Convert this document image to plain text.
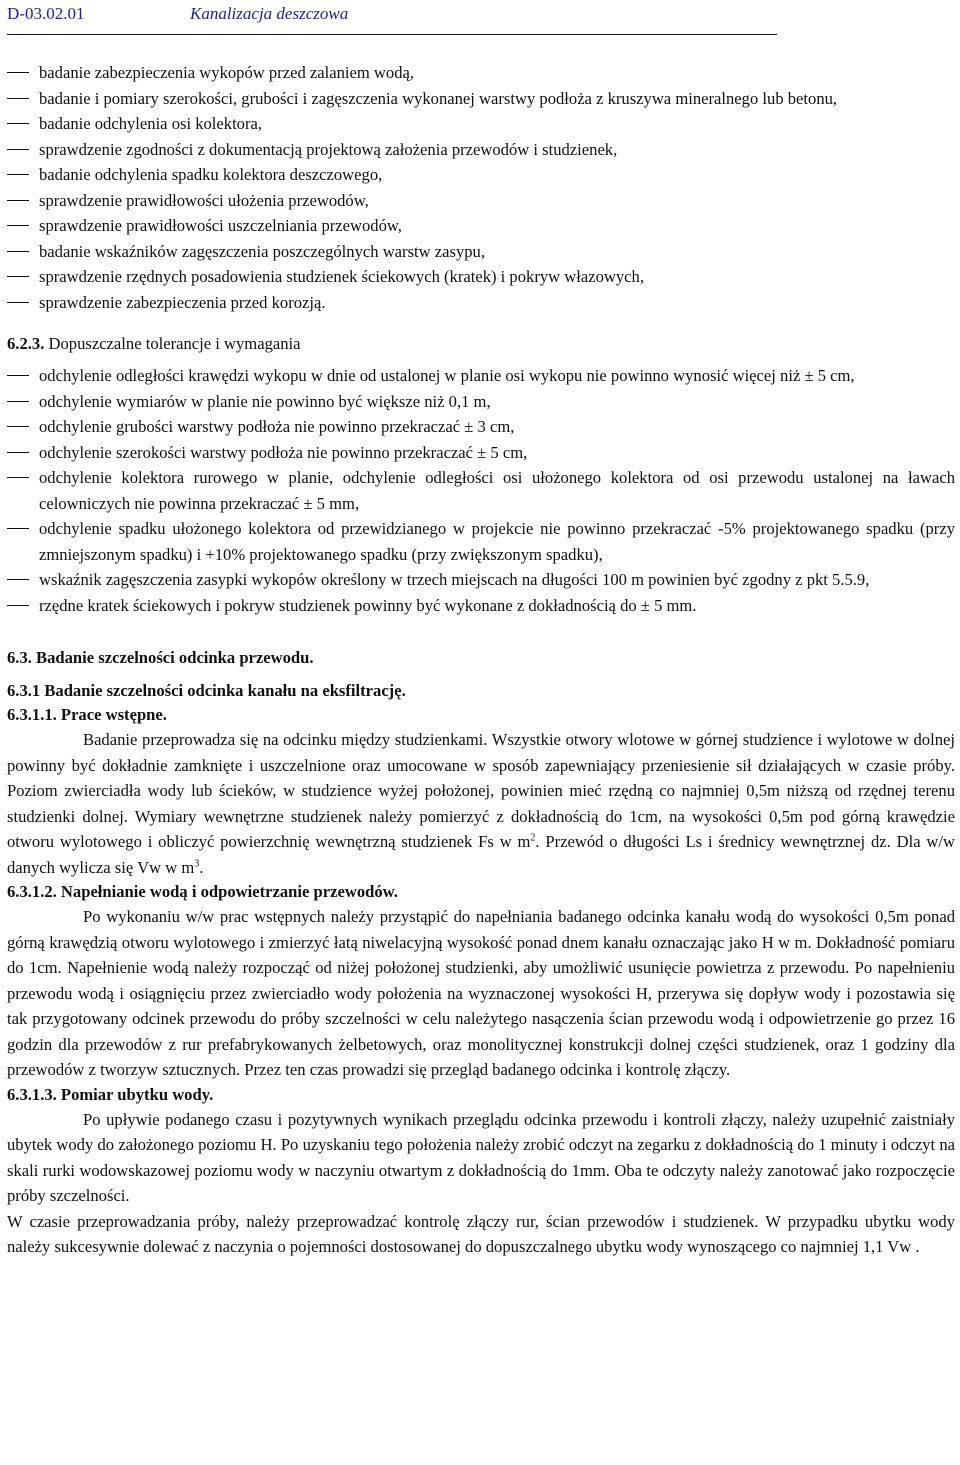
D-03.02.01	Kanalizacja deszczowa
badanie zabezpieczenia wykopów przed zalaniem wodą,
badanie i pomiary szerokości, grubości i zagęszczenia wykonanej warstwy podłoża z kruszywa mineralnego lub betonu,
badanie odchylenia osi kolektora,
sprawdzenie zgodności z dokumentacją projektową założenia przewodów i studzienek,
badanie odchylenia spadku kolektora deszczowego,
sprawdzenie prawidłowości ułożenia przewodów,
sprawdzenie prawidłowości uszczelniania przewodów,
badanie wskaźników zagęszczenia poszczególnych warstw zasypu,
sprawdzenie rzędnych posadowienia studzienek ściekowych (kratek) i pokryw włazowych,
sprawdzenie zabezpieczenia przed korozją.

6.2.3. Dopuszczalne tolerancje i wymagania

odchylenie odległości krawędzi wykopu w dnie od ustalonej w planie osi wykopu nie powinno wynosić więcej niż ± 5 cm,
odchylenie wymiarów w planie nie powinno być większe niż 0,1 m,
odchylenie grubości warstwy podłoża nie powinno przekraczać ± 3 cm,
odchylenie szerokości warstwy podłoża nie powinno przekraczać ± 5 cm,
odchylenie kolektora rurowego w planie, odchylenie odległości osi ułożonego kolektora od osi przewodu ustalonej na ławach celowniczych nie powinna przekraczać ± 5 mm,
odchylenie spadku ułożonego kolektora od przewidzianego w projekcie nie powinno przekraczać -5% projektowanego spadku (przy zmniejszonym spadku) i +10% projektowanego spadku (przy zwiększonym spadku),
wskaźnik zagęszczenia zasypki wykopów określony w trzech miejscach na długości 100 m powinien być zgodny z pkt 5.5.9,
rzędne kratek ściekowych i pokryw studzienek powinny być wykonane z dokładnością do ± 5 mm.

6.3. Badanie szczelności odcinka przewodu.

6.3.1 Badanie szczelności odcinka kanału na eksfiltrację.

6.3.1.1. Prace wstępne.

Badanie przeprowadza się na odcinku między studzienkami. Wszystkie otwory wlotowe w górnej studzience i wylotowe w dolnej powinny być dokładnie zamknięte i uszczelnione oraz umocowane w sposób zapewniający przeniesienie sił działających w czasie próby. Poziom zwierciadła wody lub ścieków, w studzience wyżej położonej, powinien mieć rzędną co najmniej 0,5m niższą od rzędnej terenu studzienki dolnej. Wymiary wewnętrzne studzienek należy pomierzyć z dokładnością do 1cm, na wysokości 0,5m pod górną krawędzie otworu wylotowego i obliczyć powierzchnię wewnętrzną studzienek Fs w $m^2$. Przewód o długości Ls i średnicy wewnętrznej dz. Dla w/w danych wylicza się Vw w $m^3$.

6.3.1.2. Napełnianie wodą i odpowietrzanie przewodów.

Po wykonaniu w/w prac wstępnych należy przystąpić do napełniania badanego odcinka kanału wodą do wysokości 0,5m ponad górną krawędzią otworu wylotowego i zmierzyć łatą niwelacyjną wysokość ponad dnem kanału oznaczając jako H w m. Dokładność pomiaru do 1cm. Napełnienie wodą należy rozpocząć od niżej położonej studzienki, aby umożliwić usunięcie powietrza z przewodu. Po napełnieniu przewodu wodą i osiągnięciu przez zwierciadło wody położenia na wyznaczonej wysokości H, przerywa się dopływ wody i pozostawia się tak przygotowany odcinek przewodu do próby szczelności w celu należytego nasączenia ścian przewodu wodą i odpowietrzenie go przez 16 godzin dla przewodów z rur prefabrykowanych żelbetowych, oraz monolitycznej konstrukcji dolnej części studzienek, oraz 1 godziny dla przewodów z tworzyw sztucznych. Przez ten czas prowadzi się przegląd badanego odcinka i kontrolę złączy.

6.3.1.3. Pomiar ubytku wody.

Po upływie podanego czasu i pozytywnych wynikach przeglądu odcinka przewodu i kontroli złączy, należy uzupełnić zaistniały ubytek wody do założonego poziomu H. Po uzyskaniu tego położenia należy zrobić odczyt na zegarku z dokładnością do 1 minuty i odczyt na skali rurki wodowskazowej poziomu wody w naczyniu otwartym z dokładnością do 1mm. Oba te odczyty należy zanotować jako rozpoczęcie próby szczelności.

W czasie przeprowadzania próby, należy przeprowadzać kontrolę złączy rur, ścian przewodów i studzienek. W przypadku ubytku wody należy sukcesywnie dolewać z naczynia o pojemności dostosowanej do dopuszczalnego ubytku wody wynoszącego co najmniej 1,1 Vw .
